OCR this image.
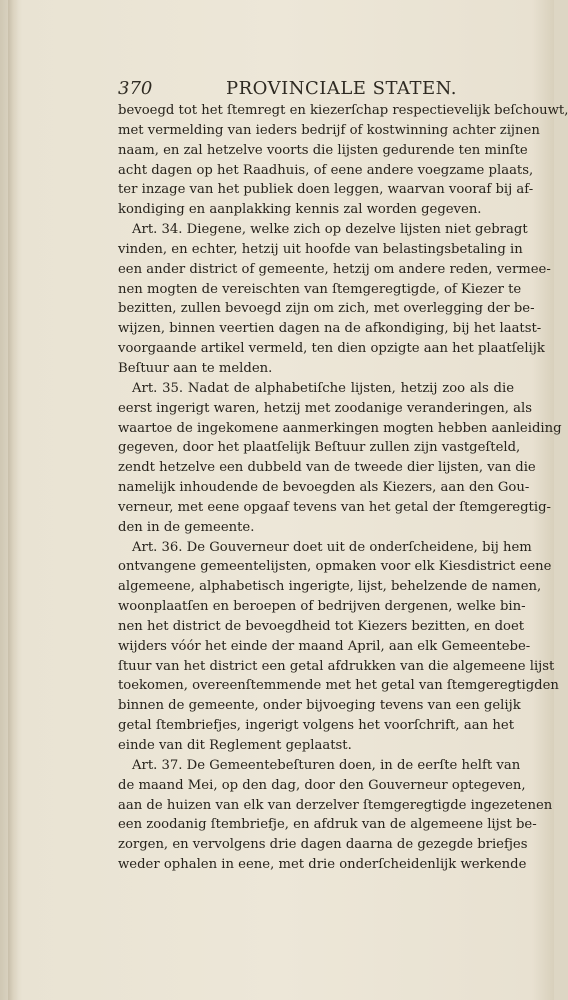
370	PROVINCIALE STATEN.
bevoegd tot het ſtemregt en kiezerſchap respectievelijk beſchouwt,
met vermelding van ieders bedrijf of kostwinning achter zijnen
naam, en zal hetzelve voorts die lijsten gedurende ten minſte
acht dagen op het Raadhuis, of eene andere voegzame plaats,
ter inzage van het publiek doen leggen, waarvan vooraf bij af-
kondiging en aanplakking kennis zal worden gegeven.
Art. 34. Diegene, welke zich op dezelve lijsten niet gebragt
vinden, en echter, hetzij uit hoofde van belastingsbetaling in
een ander district of gemeente, hetzij om andere reden, vermee-
nen mogten de vereischten van ſtemgeregtigde, of Kiezer te
bezitten, zullen bevoegd zijn om zich, met overlegging der be-
wijzen, binnen veertien dagen na de afkondiging, bij het laatst-
voorgaande artikel vermeld, ten dien opzigte aan het plaatſelijk
Beſtuur aan te melden.
Art. 35. Nadat de alphabetiſche lijsten, hetzij zoo als die
eerst ingerigt waren, hetzij met zoodanige veranderingen, als
waartoe de ingekomene aanmerkingen mogten hebben aanleiding
gegeven, door het plaatſelijk Beſtuur zullen zijn vastgeſteld,
zendt hetzelve een dubbeld van de tweede dier lijsten, van die
namelijk inhoudende de bevoegden als Kiezers, aan den Gou-
verneur, met eene opgaaf tevens van het getal der ſtemgeregtig-
den in de gemeente.
Art. 36. De Gouverneur doet uit de onderſcheidene, bij hem
ontvangene gemeentelijsten, opmaken voor elk Kiesdistrict eene
algemeene, alphabetisch ingerigte, lijst, behelzende de namen,
woonplaatſen en beroepen of bedrijven dergenen, welke bin-
nen het district de bevoegdheid tot Kiezers bezitten, en doet
wijders vóór het einde der maand April, aan elk Gemeentebe-
ſtuur van het district een getal afdrukken van die algemeene lijst
toekomen, overeenſtemmende met het getal van ſtemgeregtigden
binnen de gemeente, onder bijvoeging tevens van een gelijk
getal ſtembriefjes, ingerigt volgens het voorſchrift, aan het
einde van dit Reglement geplaatst.
Art. 37. De Gemeentebeſturen doen, in de eerſte helft van
de maand Mei, op den dag, door den Gouverneur optegeven,
aan de huizen van elk van derzelver ſtemgeregtigde ingezetenen
een zoodanig ſtembriefje, en afdruk van de algemeene lijst be-
zorgen, en vervolgens drie dagen daarna de gezegde briefjes
weder ophalen in eene, met drie onderſcheidenlijk werkende
